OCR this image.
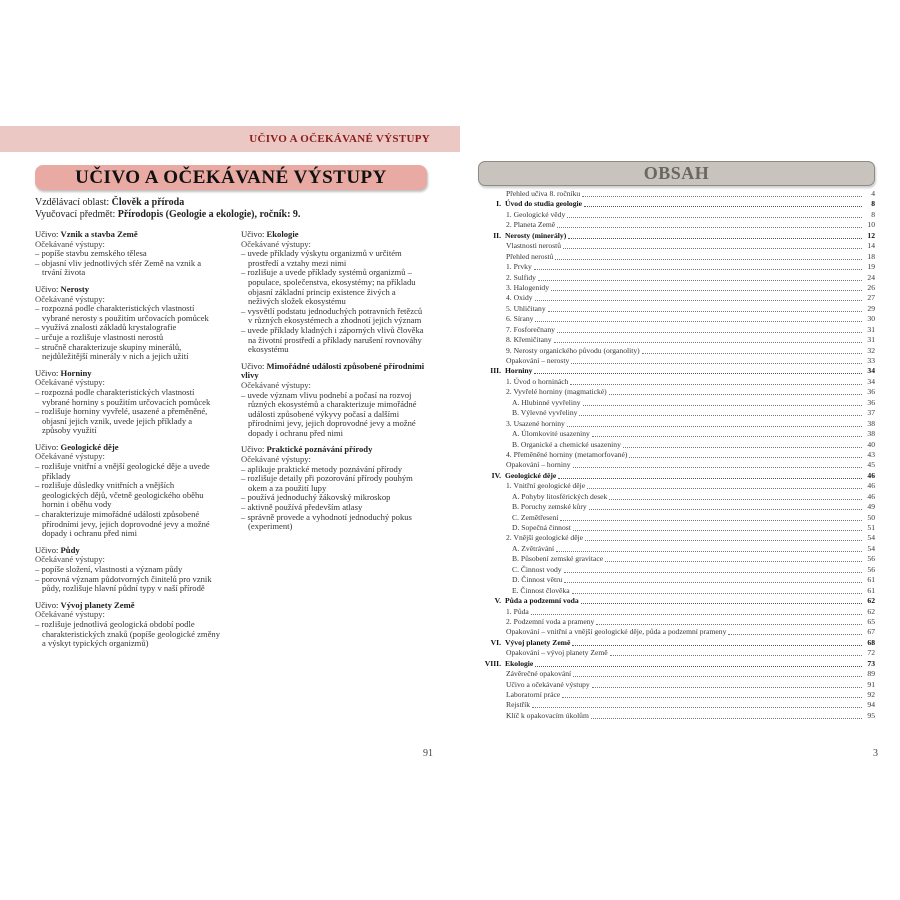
UČIVO A OČEKÁVANÉ VÝSTUPY
UČIVO A OČEKÁVANÉ VÝSTUPY
Vzdělávací oblast: Člověk a příroda
Vyučovací předmět: Přírodopis (Geologie a ekologie), ročník: 9.
Učivo: Vznik a stavba Země
Očekávané výstupy:
– popíše stavbu zemského tělesa
– objasní vliv jednotlivých sfér Země na vznik a trvání života
Učivo: Nerosty
Očekávané výstupy:
– rozpozná podle charakteristických vlastností vybrané nerosty s použitím určovacích pomůcek
– využívá znalosti základů krystalografie
– určuje a rozlišuje vlastnosti nerostů
– stručně charakterizuje skupiny minerálů, nejdůležitější minerály v nich a jejich užití
Učivo: Horniny
Očekávané výstupy:
– rozpozná podle charakteristických vlastností vybrané horniny s použitím určovacích pomůcek
– rozlišuje horniny vyvřelé, usazené a přeměněné, objasní jejich vznik, uvede jejich příklady a způsoby využití
Učivo: Geologické děje
Očekávané výstupy:
– rozlišuje vnitřní a vnější geologické děje a uvede příklady
– rozlišuje důsledky vnitřních a vnějších geologických dějů, včetně geologického oběhu hornin i oběhu vody
– charakterizuje mimořádné události způsobené přírodními jevy, jejich doprovodné jevy a možné dopady i ochranu před nimi
Učivo: Půdy
Očekávané výstupy:
– popíše složení, vlastnosti a význam půdy
– porovná význam půdotvorných činitelů pro vznik půdy, rozlišuje hlavní půdní typy v naší přírodě
Učivo: Vývoj planety Země
Očekávané výstupy:
– rozlišuje jednotlivá geologická období podle charakteristických znaků (popíše geologické změny a výskyt typických organizmů)
Učivo: Ekologie
Očekávané výstupy:
– uvede příklady výskytu organizmů v určitém prostředí a vztahy mezi nimi
– rozlišuje a uvede příklady systémů organizmů – populace, společenstva, ekosystémy; na příkladu objasní základní princip existence živých a neživých složek ekosystému
– vysvětlí podstatu jednoduchých potravních řetězců v různých ekosystémech a zhodnotí jejich význam
– uvede příklady kladných i záporných vlivů člověka na životní prostředí a příklady narušení rovnováhy ekosystému
Učivo: Mimořádné události způsobené přírodními vlivy
Očekávané výstupy:
– uvede význam vlivu podnebí a počasí na rozvoj různých ekosystémů a charakterizuje mimořádné události způsobené výkyvy počasí a dalšími přírodními jevy, jejich doprovodné jevy a možné dopady i ochranu před nimi
Učivo: Praktické poznávání přírody
Očekávané výstupy:
– aplikuje praktické metody poznávání přírody
– rozlišuje detaily při pozorování přírody pouhým okem a za použití lupy
– používá jednoduchý žákovský mikroskop
– aktivně používá především atlasy
– správně provede a vyhodnotí jednoduchý pokus (experiment)
91
OBSAH
Přehled učiva 8. ročníku	4
I. Úvod do studia geologie	8
1. Geologické vědy	8
2. Planeta Země	10
II. Nerosty (minerály)	12
Vlastnosti nerostů	14
Přehled nerostů	18
1. Prvky	19
2. Sulfidy	24
3. Halogenidy	26
4. Oxidy	27
5. Uhličitany	29
6. Sírany	30
7. Fosforečnany	31
8. Křemičitany	31
9. Nerosty organického původu (organolity)	32
Opakování – nerosty	33
III. Horniny	34
1. Úvod o horninách	34
2. Vyvřelé horniny (magmatické)	36
A. Hlubinné vyvřeliny	36
B. Výlevné vyvřeliny	37
3. Usazené horniny	38
A. Úlomkovité usazeniny	38
B. Organické a chemické usazeniny	40
4. Přeměněné horniny (metamorfované)	43
Opakování – horniny	45
IV. Geologické děje	46
1. Vnitřní geologické děje	46
A. Pohyby litosférických desek	46
B. Poruchy zemské kůry	49
C. Zemětřesení	50
D. Sopečná činnost	51
2. Vnější geologické děje	54
A. Zvětrávání	54
B. Působení zemské gravitace	56
C. Činnost vody	56
D. Činnost větru	61
E. Činnost člověka	61
V. Půda a podzemní voda	62
1. Půda	62
2. Podzemní voda a prameny	65
Opakování – vnitřní a vnější geologické děje, půda a podzemní prameny	67
VI. Vývoj planety Země	68
Opakování – vývoj planety Země	72
VIII. Ekologie	73
Závěrečné opakování	89
Učivo a očekávané výstupy	91
Laboratorní práce	92
Rejstřík	94
Klíč k opakovacím úkolům	95
3
